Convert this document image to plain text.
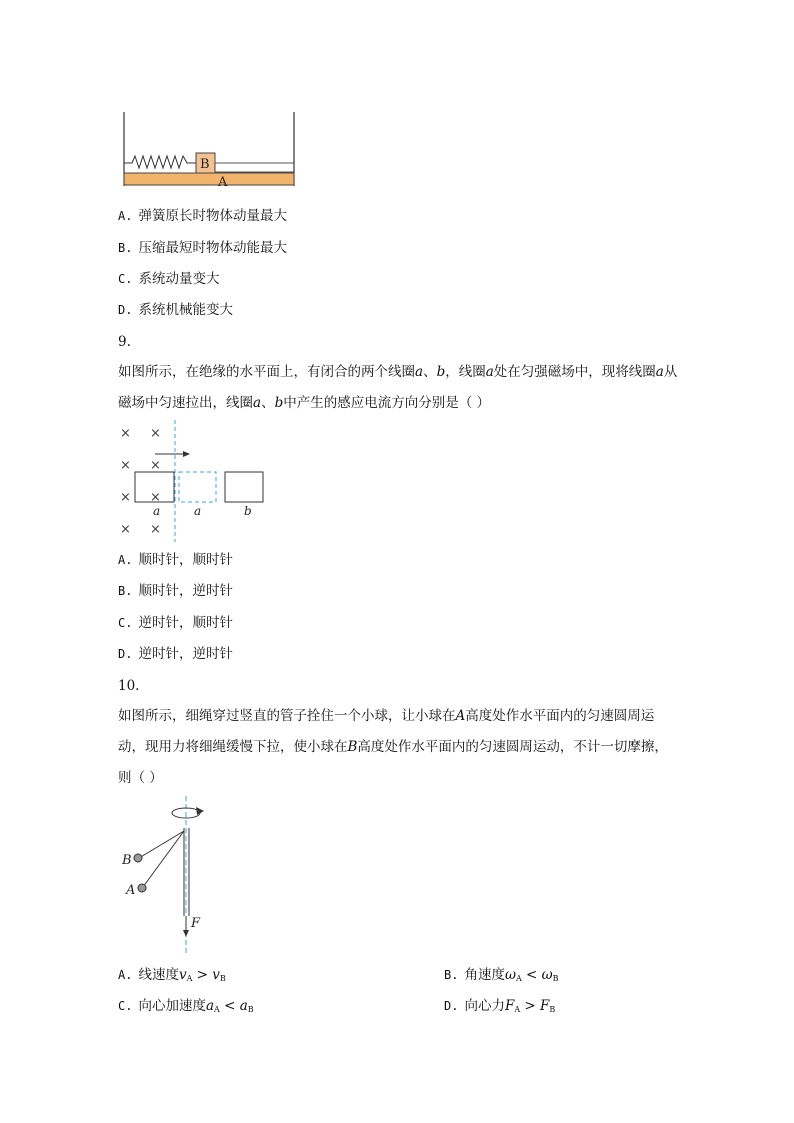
B
A
A. 弹簧原长时物体动量最大
B. 压缩最短时物体动能最大
C. 系统动量变大
D. 系统机械能变大
9.
如图所示，在绝缘的水平面上，有闭合的两个线圈a、b，线圈a处在匀强磁场中，现将线圈a从磁场中匀速拉出，线圈a、b中产生的感应电流方向分别是（ ）
× ×
× ×
× ×
× ×
a	a	b
A. 顺时针，顺时针
B. 顺时针，逆时针
C. 逆时针，顺时针
D. 逆时针，逆时针
10.
如图所示，细绳穿过竖直的管子拴住一个小球，让小球在A高度处作水平面内的匀速圆周运动，现用力将细绳缓慢下拉，使小球在B高度处作水平面内的匀速圆周运动，不计一切摩擦，则（ ）
B
A
F
A. 线速度$v_A > v_B$	B. 角速度$\omega_A < \omega_B$
C. 向心加速度$a_A < a_B$	D. 向心力$F_A > F_B$
